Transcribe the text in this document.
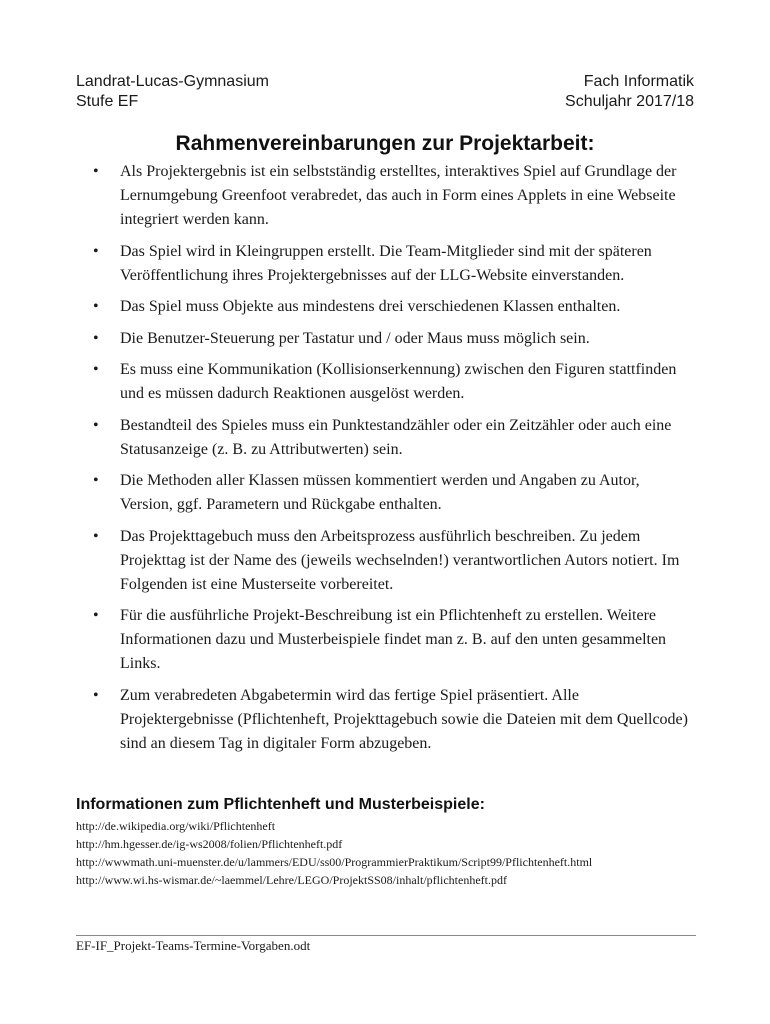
Landrat-Lucas-Gymnasium	Fach Informatik
Stufe EF	Schuljahr 2017/18
Rahmenvereinbarungen zur Projektarbeit:
• Als Projektergebnis ist ein selbstständig erstelltes, interaktives Spiel auf Grundlage der Lernumgebung Greenfoot verabredet, das auch in Form eines Applets in eine Webseite integriert werden kann.
• Das Spiel wird in Kleingruppen erstellt. Die Team-Mitglieder sind mit der späteren Veröffentlichung ihres Projektergebnisses auf der LLG-Website einverstanden.
• Das Spiel muss Objekte aus mindestens drei verschiedenen Klassen enthalten.
• Die Benutzer-Steuerung per Tastatur und / oder Maus muss möglich sein.
• Es muss eine Kommunikation (Kollisionserkennung) zwischen den Figuren stattfinden und es müssen dadurch Reaktionen ausgelöst werden.
• Bestandteil des Spieles muss ein Punktestandzähler oder ein Zeitzähler oder auch eine Statusanzeige (z. B. zu Attributwerten) sein.
• Die Methoden aller Klassen müssen kommentiert werden und Angaben zu Autor, Version, ggf. Parametern und Rückgabe enthalten.
• Das Projekttagebuch muss den Arbeitsprozess ausführlich beschreiben. Zu jedem Projekttag ist der Name des (jeweils wechselnden!) verantwortlichen Autors notiert. Im Folgenden ist eine Musterseite vorbereitet.
• Für die ausführliche Projekt-Beschreibung ist ein Pflichtenheft zu erstellen. Weitere Informationen dazu und Musterbeispiele findet man z. B. auf den unten gesammelten Links.
• Zum verabredeten Abgabetermin wird das fertige Spiel präsentiert. Alle Projektergebnisse (Pflichtenheft, Projekttagebuch sowie die Dateien mit dem Quellcode) sind an diesem Tag in digitaler Form abzugeben.
Informationen zum Pflichtenheft und Musterbeispiele:
http://de.wikipedia.org/wiki/Pflichtenheft
http://hm.hgesser.de/ig-ws2008/folien/Pflichtenheft.pdf
http://wwwmath.uni-muenster.de/u/lammers/EDU/ss00/ProgrammierPraktikum/Script99/Pflichtenheft.html
http://www.wi.hs-wismar.de/~laemmel/Lehre/LEGO/ProjektSS08/inhalt/pflichtenheft.pdf
EF-IF_Projekt-Teams-Termine-Vorgaben.odt
